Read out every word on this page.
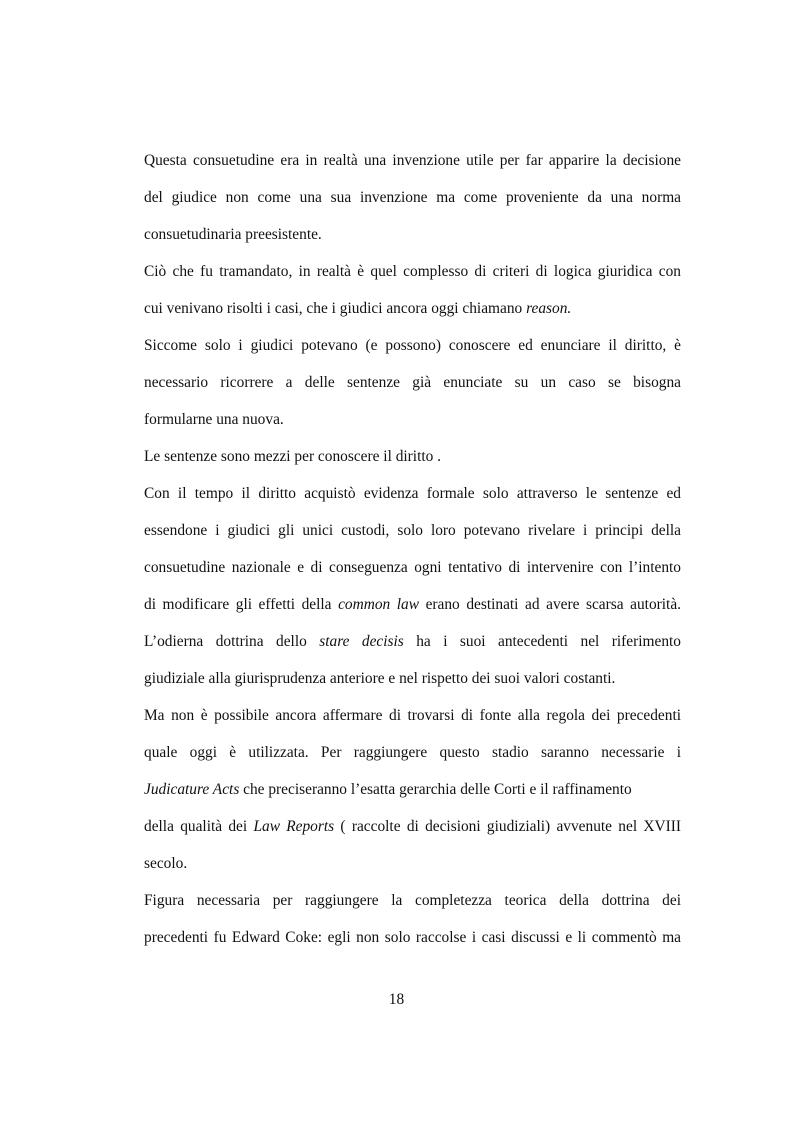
Questa consuetudine era in realtà una invenzione utile per far apparire la decisione
del giudice non come una sua invenzione ma come proveniente da una norma
consuetudinaria preesistente.
Ciò che fu tramandato, in realtà è quel complesso di criteri di logica giuridica con
cui venivano risolti i casi, che i giudici ancora oggi chiamano reason.
Siccome solo i giudici potevano (e possono) conoscere ed enunciare il diritto, è
necessario ricorrere a delle sentenze già enunciate su un caso se bisogna
formularne una nuova.
Le sentenze sono mezzi per conoscere il diritto .
Con il tempo il diritto acquistò evidenza formale solo attraverso le sentenze ed
essendone i giudici gli unici custodi, solo loro potevano rivelare i principi della
consuetudine nazionale e di conseguenza ogni tentativo di intervenire con l’intento
di modificare gli effetti della common law erano destinati ad avere scarsa autorità.
L’odierna dottrina dello stare decisis ha i suoi antecedenti nel riferimento
giudiziale alla giurisprudenza anteriore e nel rispetto dei suoi valori costanti.
Ma non è possibile ancora affermare di trovarsi di fonte alla regola dei precedenti
quale oggi è utilizzata. Per raggiungere questo stadio saranno necessarie i
Judicature Acts che preciseranno l’esatta gerarchia delle Corti e il raffinamento
della qualità dei Law Reports ( raccolte di decisioni giudiziali) avvenute nel XVIII
secolo.
Figura necessaria per raggiungere la completezza teorica della dottrina dei
precedenti fu Edward Coke: egli non solo raccolse i casi discussi e li commentò ma
18
